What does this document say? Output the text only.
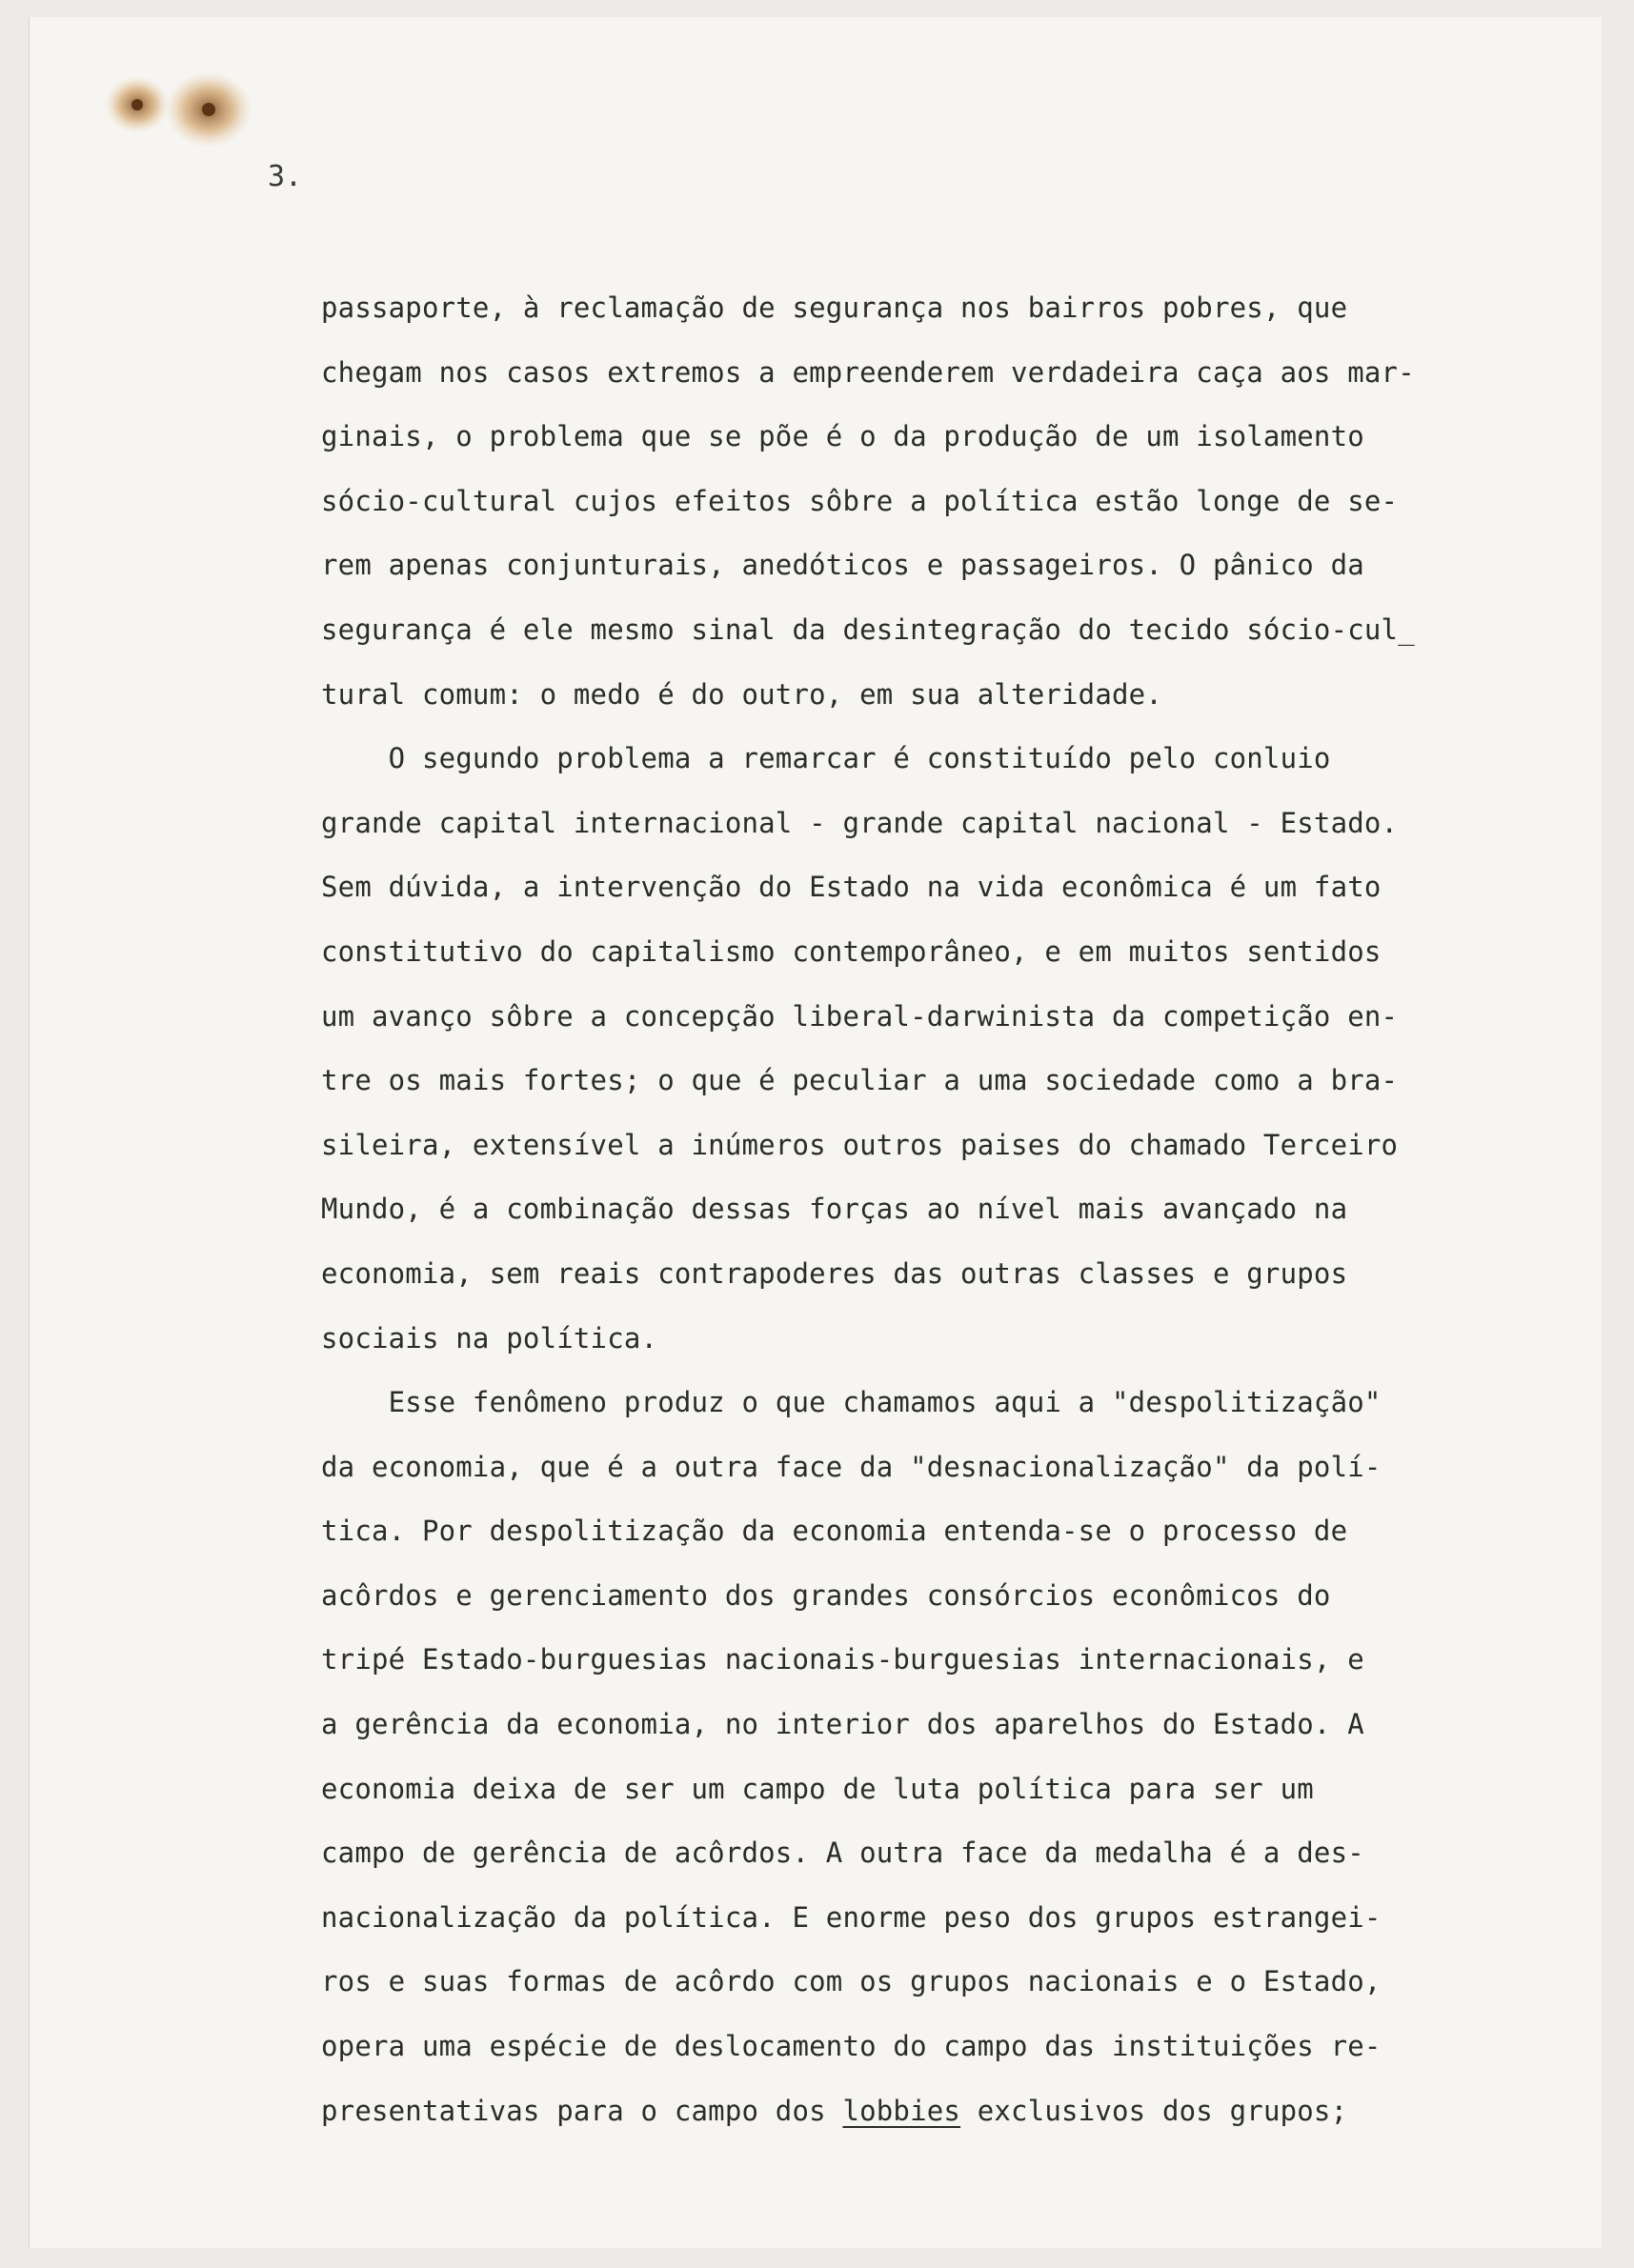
3.
passaporte, à reclamação de segurança nos bairros pobres, que
chegam nos casos extremos a empreenderem verdadeira caça aos mar-
ginais, o problema que se põe é o da produção de um isolamento
sócio-cultural cujos efeitos sôbre a política estão longe de se-
rem apenas conjunturais, anedóticos e passageiros. O pânico da
segurança é ele mesmo sinal da desintegração do tecido sócio-cul_
tural comum: o medo é do outro, em sua alteridade.
O segundo problema a remarcar é constituído pelo conluio
grande capital internacional - grande capital nacional - Estado.
Sem dúvida, a intervenção do Estado na vida econômica é um fato
constitutivo do capitalismo contemporâneo, e em muitos sentidos
um avanço sôbre a concepção liberal-darwinista da competição en-
tre os mais fortes; o que é peculiar a uma sociedade como a bra-
sileira, extensível a inúmeros outros paises do chamado Terceiro
Mundo, é a combinação dessas forças ao nível mais avançado na
economia, sem reais contrapoderes das outras classes e grupos
sociais na política.
Esse fenômeno produz o que chamamos aqui a "despolitização"
da economia, que é a outra face da "desnacionalização" da polí-
tica. Por despolitização da economia entenda-se o processo de
acôrdos e gerenciamento dos grandes consórcios econômicos do
tripé Estado-burguesias nacionais-burguesias internacionais, e
a gerência da economia, no interior dos aparelhos do Estado. A
economia deixa de ser um campo de luta política para ser um
campo de gerência de acôrdos. A outra face da medalha é a des-
nacionalização da política. E enorme peso dos grupos estrangei-
ros e suas formas de acôrdo com os grupos nacionais e o Estado,
opera uma espécie de deslocamento do campo das instituições re-
presentativas para o campo dos lobbies exclusivos dos grupos;
